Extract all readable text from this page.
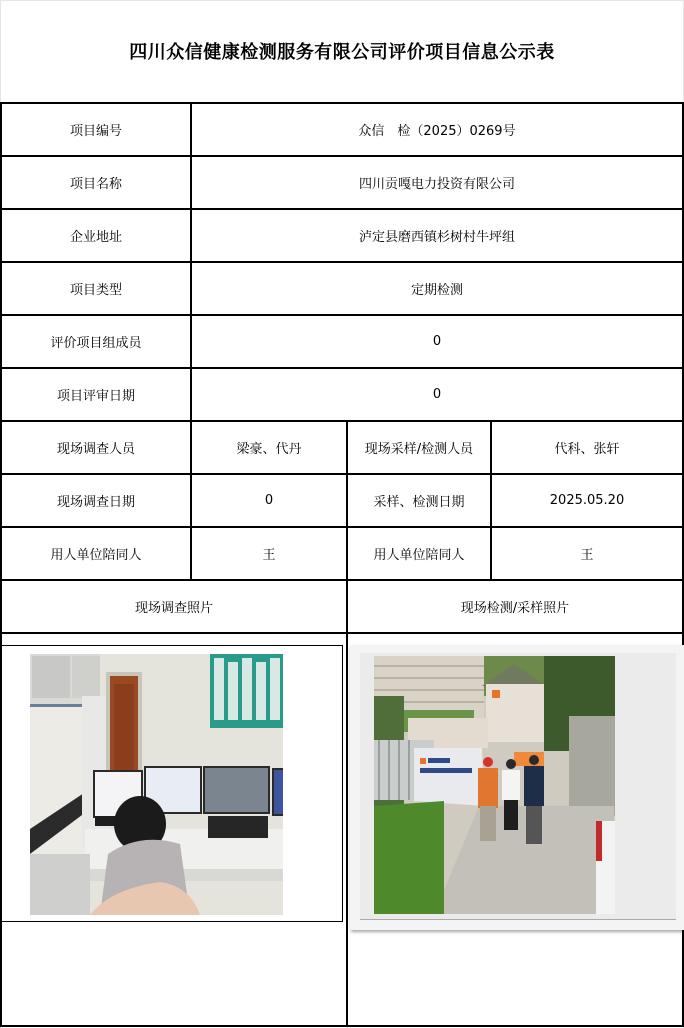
四川众信健康检测服务有限公司评价项目信息公示表
项目编号	众信　检（2025）0269号
项目名称	四川贡嘎电力投资有限公司
企业地址	泸定县磨西镇杉树村牛坪组
项目类型	定期检测
评价项目组成员	0
项目评审日期	0
现场调查人员	梁豪、代丹	现场采样/检测人员	代科、张轩
现场调查日期	0	采样、检测日期	2025.05.20
用人单位陪同人	王	用人单位陪同人	王
现场调查照片	现场检测/采样照片
